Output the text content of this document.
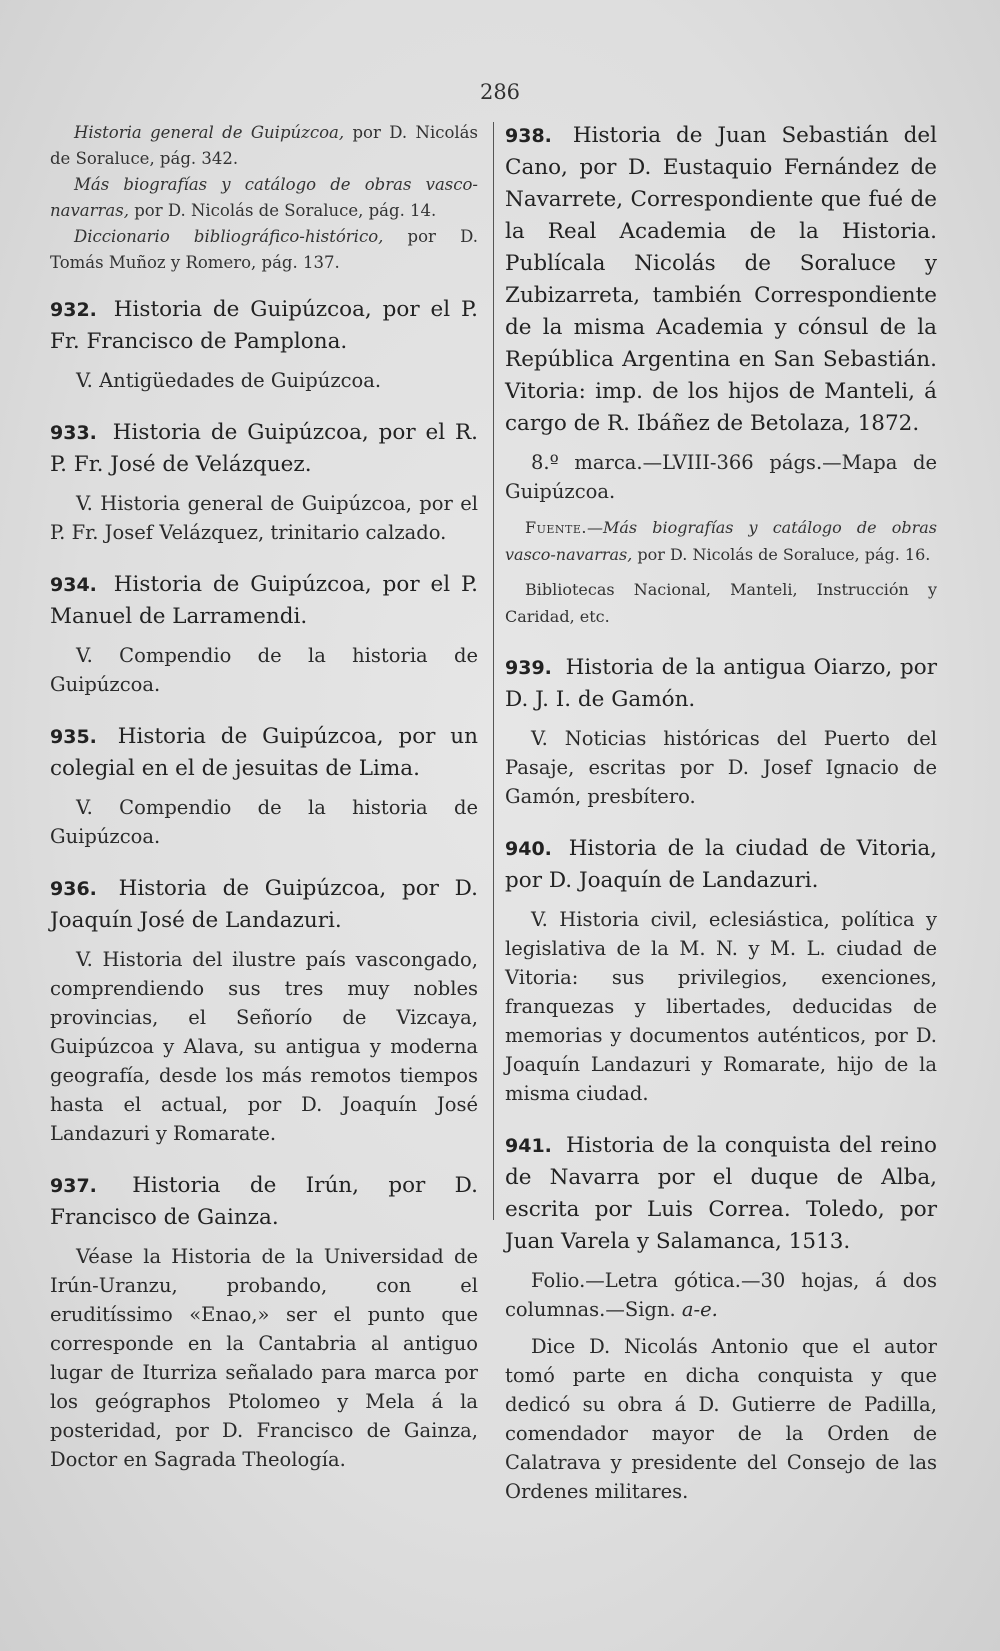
286

Historia general de Guipúzcoa, por D. Nicolás de Soraluce, pág. 342.

Más biografías y catálogo de obras vasco-navarras, por D. Nicolás de Soraluce, pág. 14.

Diccionario bibliográfico-histórico, por D. Tomás Muñoz y Romero, pág. 137.

932. Historia de Guipúzcoa, por el P. Fr. Francisco de Pamplona.

V. Antigüedades de Guipúzcoa.

933. Historia de Guipúzcoa, por el R. P. Fr. José de Velázquez.

V. Historia general de Guipúzcoa, por el P. Fr. Josef Velázquez, trinitario calzado.

934. Historia de Guipúzcoa, por el P. Manuel de Larramendi.

V. Compendio de la historia de Guipúzcoa.

935. Historia de Guipúzcoa, por un colegial en el de jesuitas de Lima.

V. Compendio de la historia de Guipúzcoa.

936. Historia de Guipúzcoa, por D. Joaquín José de Landazuri.

V. Historia del ilustre país vascongado, comprendiendo sus tres muy nobles provincias, el Señorío de Vizcaya, Guipúzcoa y Alava, su antigua y moderna geografía, desde los más remotos tiempos hasta el actual, por D. Joaquín José Landazuri y Romarate.

937. Historia de Irún, por D. Francisco de Gainza.

Véase la Historia de la Universidad de Irún-Uranzu, probando, con el eruditíssimo «Enao,» ser el punto que corresponde en la Cantabria al antiguo lugar de Iturriza señalado para marca por los geógraphos Ptolomeo y Mela á la posteridad, por D. Francisco de Gainza, Doctor en Sagrada Theología.

938. Historia de Juan Sebastián del Cano, por D. Eustaquio Fernández de Navarrete, Correspondiente que fué de la Real Academia de la Historia. Publícala Nicolás de Soraluce y Zubizarreta, también Correspondiente de la misma Academia y cónsul de la República Argentina en San Sebastián. Vitoria: imp. de los hijos de Manteli, á cargo de R. Ibáñez de Betolaza, 1872.

8.º marca.—LVIII-366 págs.—Mapa de Guipúzcoa.

Fuente.—Más biografías y catálogo de obras vasco-navarras, por D. Nicolás de Soraluce, pág. 16.

Bibliotecas Nacional, Manteli, Instrucción y Caridad, etc.

939. Historia de la antigua Oiarzo, por D. J. I. de Gamón.

V. Noticias históricas del Puerto del Pasaje, escritas por D. Josef Ignacio de Gamón, presbítero.

940. Historia de la ciudad de Vitoria, por D. Joaquín de Landazuri.

V. Historia civil, eclesiástica, política y legislativa de la M. N. y M. L. ciudad de Vitoria: sus privilegios, exenciones, franquezas y libertades, deducidas de memorias y documentos auténticos, por D. Joaquín Landazuri y Romarate, hijo de la misma ciudad.

941. Historia de la conquista del reino de Navarra por el duque de Alba, escrita por Luis Correa. Toledo, por Juan Varela y Salamanca, 1513.

Folio.—Letra gótica.—30 hojas, á dos columnas.—Sign. a-e.

Dice D. Nicolás Antonio que el autor tomó parte en dicha conquista y que dedicó su obra á D. Gutierre de Padilla, comendador mayor de la Orden de Calatrava y presidente del Consejo de las Ordenes militares.
